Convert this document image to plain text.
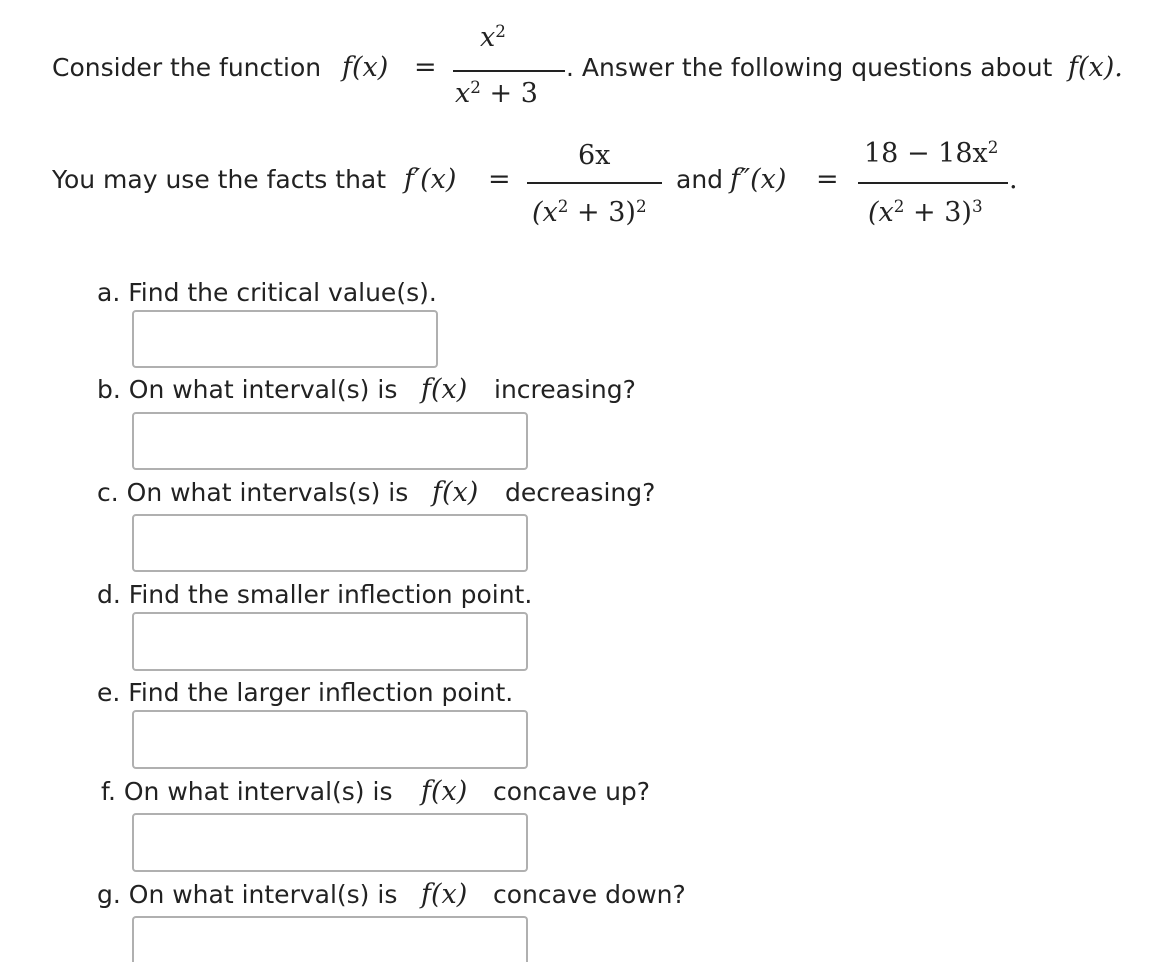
Consider the function f(x) =
$x^2$
$x^2 + 3$
. Answer the following questions about f(x).
You may use the facts that f′(x) =
6x
$(x^2 + 3)^2$
and f″(x) =
$18 - 18x^2$
$(x^2 + 3)^3$
.
a. Find the critical value(s).
b. On what interval(s) is f(x) increasing?
c. On what intervals(s) is f(x) decreasing?
d. Find the smaller inflection point.
e. Find the larger inflection point.
f. On what interval(s) is f(x) concave up?
g. On what interval(s) is f(x) concave down?
